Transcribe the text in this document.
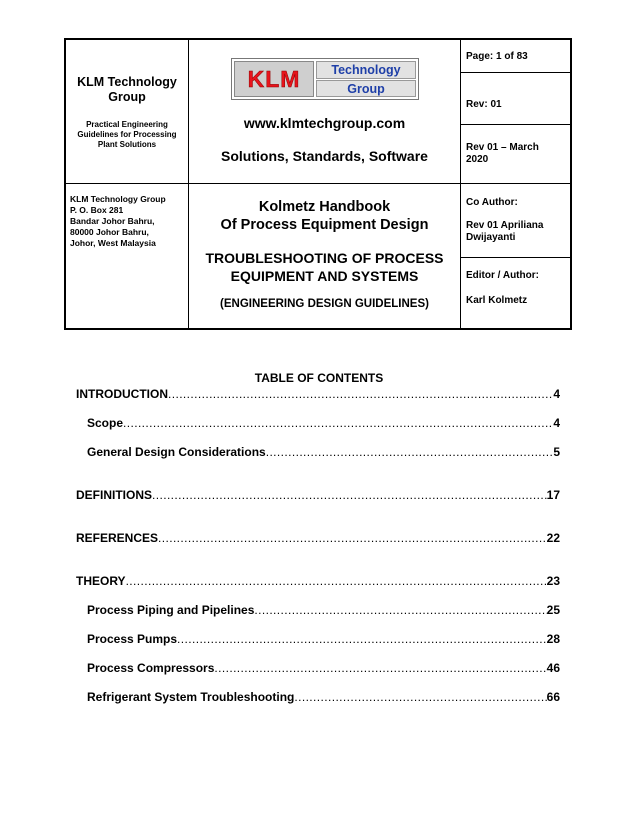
KLM Technology Group
Practical Engineering Guidelines for Processing Plant Solutions
KLM Technology
Group
www.klmtechgroup.com
Solutions, Standards, Software
Page: 1 of 83
Rev: 01
Rev 01 – March
2020
KLM Technology Group
P. O. Box 281
Bandar Johor Bahru,
80000 Johor Bahru,
Johor, West Malaysia
Kolmetz Handbook
Of Process Equipment Design
TROUBLESHOOTING OF PROCESS
EQUIPMENT AND SYSTEMS
(ENGINEERING DESIGN GUIDELINES)
Co Author:
Rev 01 Apriliana
Dwijayanti
Editor / Author:
Karl Kolmetz
TABLE OF CONTENTS
INTRODUCTION .....	4
Scope .....	4
General Design Considerations .....	5
DEFINITIONS .....	17
REFERENCES .....	22
THEORY .....	23
Process Piping and Pipelines .....	25
Process Pumps .....	28
Process Compressors .....	46
Refrigerant System Troubleshooting .....	66
